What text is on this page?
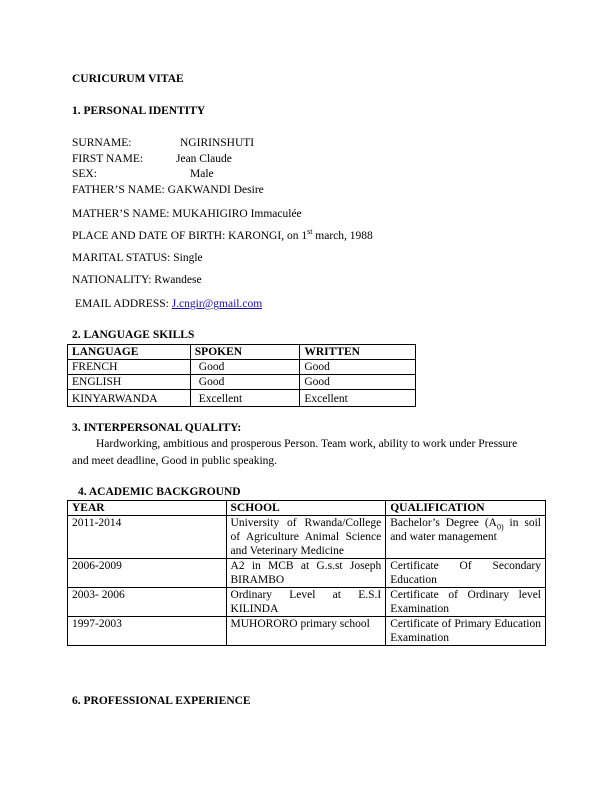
CURICURUM VITAE
1. PERSONAL IDENTITY
SURNAME:	NGIRINSHUTI
FIRST NAME:	Jean Claude
SEX:	Male
FATHER’S NAME: GAKWANDI Desire
MATHER’S NAME: MUKAHIGIRO Immaculée
PLACE AND DATE OF BIRTH: KARONGI, on 1st march, 1988
MARITAL STATUS: Single
NATIONALITY: Rwandese
EMAIL ADDRESS: J.cngir@gmail.com
2. LANGUAGE SKILLS
LANGUAGE	SPOKEN	WRITTEN
FRENCH	Good	Good
ENGLISH	Good	Good
KINYARWANDA	Excellent	Excellent
3. INTERPERSONAL QUALITY:
Hardworking, ambitious and prosperous Person. Team work, ability to work under Pressure
and meet deadline, Good in public speaking.
4. ACADEMIC BACKGROUND
YEAR	SCHOOL	QUALIFICATION
2011-2014	University of Rwanda/College of Agriculture Animal Science and Veterinary Medicine	Bachelor’s Degree ($A_{0)}$ in soil and water management
2006-2009	A2 in MCB at G.s.st Joseph BIRAMBO	Certificate Of Secondary Education
2003- 2006	Ordinary Level at E.S.I KILINDA	Certificate of Ordinary level Examination
1997-2003	MUHORORO primary school	Certificate of Primary Education Examination
6. PROFESSIONAL EXPERIENCE
